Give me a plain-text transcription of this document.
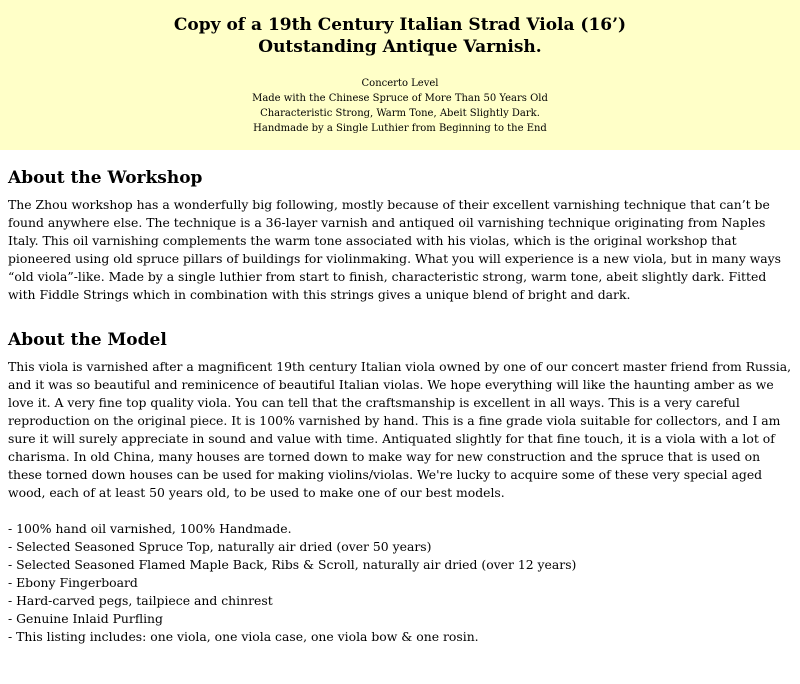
Copy of a 19th Century Italian Strad Viola (16’)
Outstanding Antique Varnish.
Concerto Level
Made with the Chinese Spruce of More Than 50 Years Old
Characteristic Strong, Warm Tone, Abeit Slightly Dark.
Handmade by a Single Luthier from Beginning to the End
About the Workshop

The Zhou workshop has a wonderfully big following, mostly because of their excellent varnishing technique that can’t be found anywhere else. The technique is a 36-layer varnish and antiqued oil varnishing technique originating from Naples Italy. This oil varnishing complements the warm tone associated with his violas, which is the original workshop that pioneered using old spruce pillars of buildings for violinmaking. What you will experience is a new viola, but in many ways “old viola”-like. Made by a single luthier from start to finish, characteristic strong, warm tone, abeit slightly dark. Fitted with Fiddle Strings which in combination with this strings gives a unique blend of bright and dark.

About the Model

This viola is varnished after a magnificent 19th century Italian viola owned by one of our concert master friend from Russia, and it was so beautiful and reminicence of beautiful Italian violas. We hope everything will like the haunting amber as we love it. A very fine top quality viola. You can tell that the craftsmanship is excellent in all ways. This is a very careful reproduction on the original piece. It is 100% varnished by hand. This is a fine grade viola suitable for collectors, and I am sure it will surely appreciate in sound and value with time. Antiquated slightly for that fine touch, it is a viola with a lot of charisma. In old China, many houses are torned down to make way for new construction and the spruce that is used on these torned down houses can be used for making violins/violas. We're lucky to acquire some of these very special aged wood, each of at least 50 years old, to be used to make one of our best models.

- 100% hand oil varnished, 100% Handmade.
- Selected Seasoned Spruce Top, naturally air dried (over 50 years)
- Selected Seasoned Flamed Maple Back, Ribs & Scroll, naturally air dried (over 12 years)
- Ebony Fingerboard
- Hard-carved pegs, tailpiece and chinrest
- Genuine Inlaid Purfling
- This listing includes: one viola, one viola case, one viola bow & one rosin.
